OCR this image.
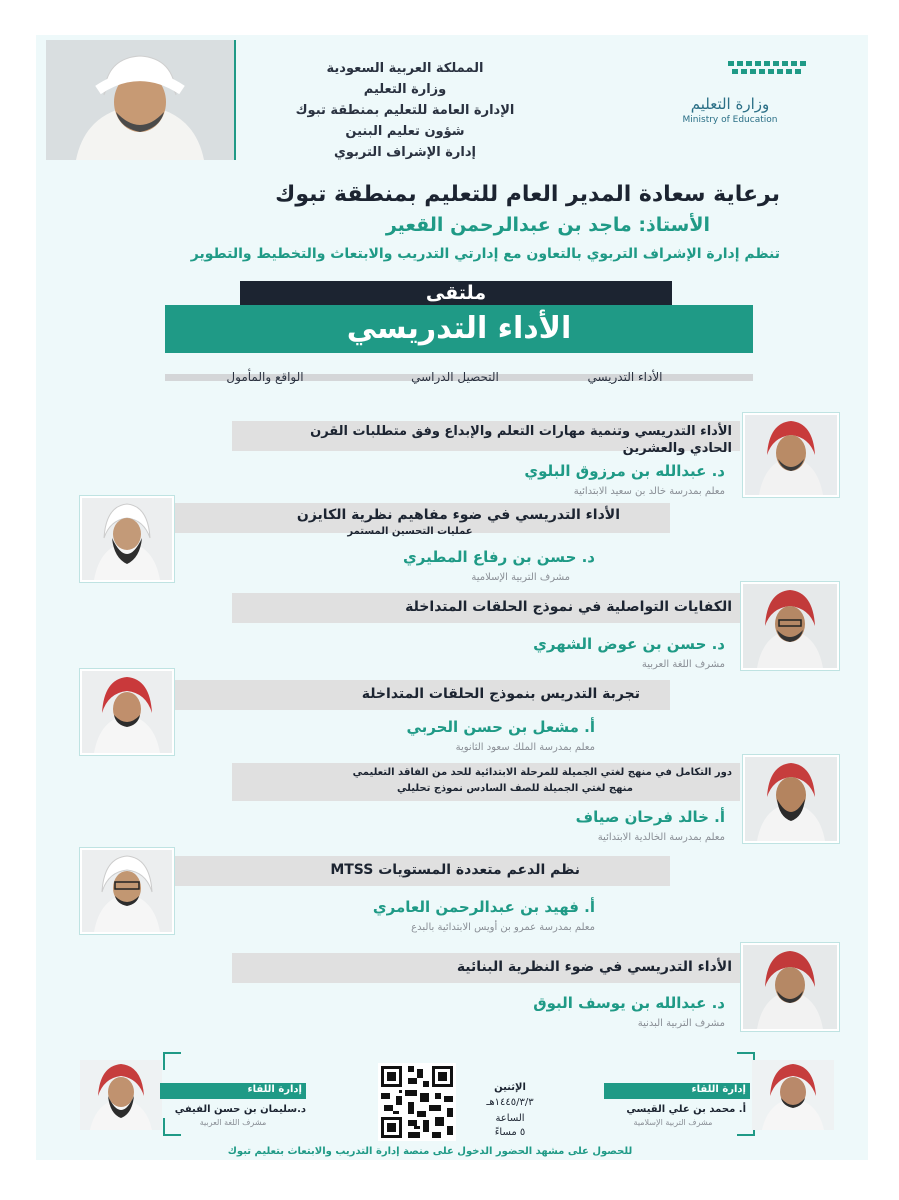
المملكة العربية السعودية
وزارة التعليم
الإدارة العامة للتعليم بمنطقة تبوك
شؤون تعليم البنين
إدارة الإشراف التربوي
وزارة التعليم
Ministry of Education
برعاية سعادة المدير العام للتعليم بمنطقة تبوك
الأستاذ: ماجد بن عبدالرحمن القعير
تنظم إدارة الإشراف التربوي بالتعاون مع إدارتي التدريب والابتعاث والتخطيط والتطوير
ملتقى
الأداء التدريسي
الأداء التدريسي
التحصيل الدراسي
الواقع والمأمول
الأداء التدريسي وتنمية مهارات التعلم والإبداع وفق متطلبات القرن الحادي والعشرين
د. عبدالله بن مرزوق البلوي
معلم بمدرسة خالد بن سعيد الابتدائية
الأداء التدريسي في ضوء مفاهيم نظرية الكايزن
عمليات التحسين المستمر
د. حسن بن رفاع المطيري
مشرف التربية الإسلامية
الكفايات التواصلية في نموذج الحلقات المتداخلة
د. حسن بن عوض الشهري
مشرف اللغة العربية
تجربة التدريس بنموذج الحلقات المتداخلة
أ. مشعل بن حسن الحربي
معلم بمدرسة الملك سعود الثانوية
دور التكامل في منهج لغتي الجميلة للمرحلة الابتدائية للحد من الفاقد التعليمي
منهج لغتي الجميلة للصف السادس نموذج تحليلي
أ. خالد فرحان صياف
معلم بمدرسة الخالدية الابتدائية
نظم الدعم متعددة المستويات MTSS
أ. فهيد بن عبدالرحمن العامري
معلم بمدرسة عمرو بن أويس الابتدائية بالبدع
الأداء التدريسي في ضوء النظرية البنائية
د. عبدالله بن يوسف البوق
مشرف التربية البدنية
إدارة اللقاء
أ. محمد بن علي القيسي
مشرف التربية الإسلامية
إدارة اللقاء
د.سليمان بن حسن الفيفي
مشرف اللغة العربية
الإثنين
١٤٤٥/٣/٣هـ
الساعة
٥ مساءً
للحصول على مشهد الحضور الدخول على منصة إدارة التدريب والابتعاث بتعليم تبوك
